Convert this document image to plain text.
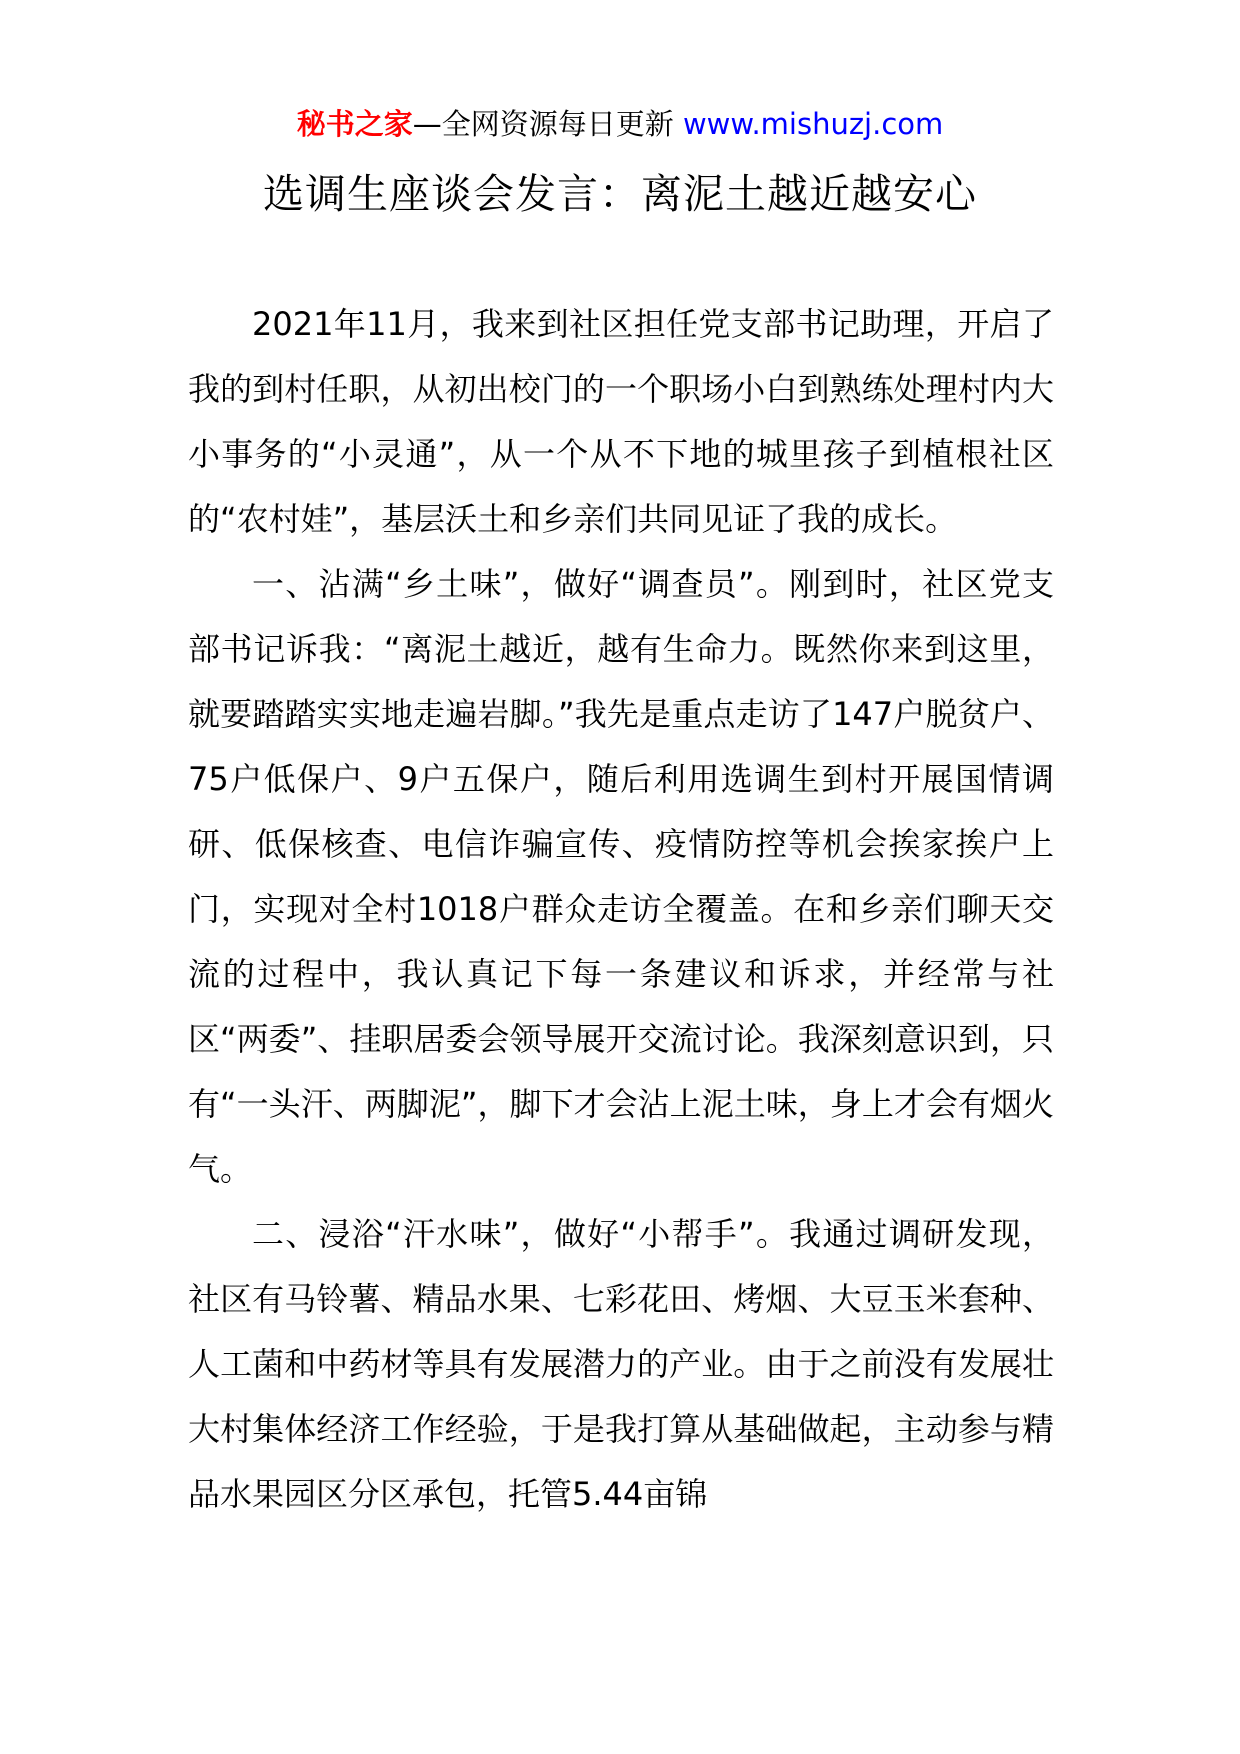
秘书之家—全网资源每日更新 www.mishuzj.com
选调生座谈会发言：离泥土越近越安心

2021年11月，我来到社区担任党支部书记助理，开启了我的到村任职，从初出校门的一个职场小白到熟练处理村内大小事务的“小灵通”，从一个从不下地的城里孩子到植根社区的“农村娃”，基层沃土和乡亲们共同见证了我的成长。

一、沾满“乡土味”，做好“调查员”。刚到时，社区党支部书记诉我：“离泥土越近，越有生命力。既然你来到这里，就要踏踏实实地走遍岩脚。”我先是重点走访了147户脱贫户、75户低保户、9户五保户，随后利用选调生到村开展国情调研、低保核查、电信诈骗宣传、疫情防控等机会挨家挨户上门，实现对全村1018户群众走访全覆盖。在和乡亲们聊天交流的过程中，我认真记下每一条建议和诉求，并经常与社区“两委”、挂职居委会领导展开交流讨论。我深刻意识到，只有“一头汗、两脚泥”，脚下才会沾上泥土味，身上才会有烟火气。

二、浸浴“汗水味”，做好“小帮手”。我通过调研发现，社区有马铃薯、精品水果、七彩花田、烤烟、大豆玉米套种、人工菌和中药材等具有发展潜力的产业。由于之前没有发展壮大村集体经济工作经验，于是我打算从基础做起，主动参与精品水果园区分区承包，托管5.44亩锦
